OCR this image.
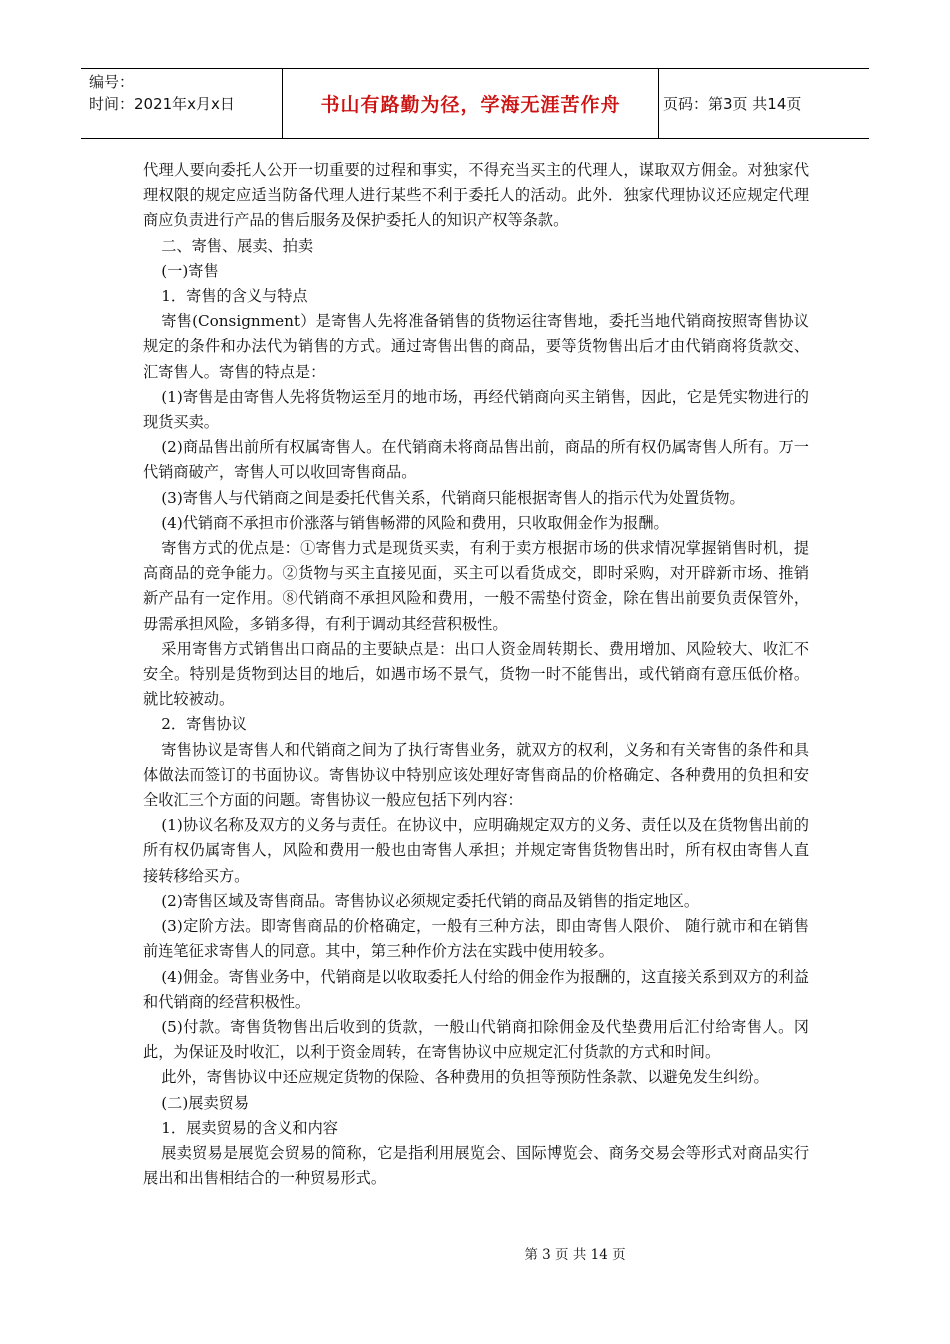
编号：
时间：2021年x月x日	书山有路勤为径，学海无涯苦作舟	页码：第3页 共14页

代理人要向委托人公开一切重要的过程和事实，不得充当买主的代理人，谋取双方佣金。对独家代理权限的规定应适当防备代理人进行某些不利于委托人的活动。此外．独家代理协议还应规定代理商应负责进行产品的售后服务及保护委托人的知识产权等条款。

二、寄售、展卖、拍卖

(一)寄售

1．寄售的含义与特点

寄售(Consignment）是寄售人先将准备销售的货物运往寄售地，委托当地代销商按照寄售协议规定的条件和办法代为销售的方式。通过寄售出售的商品，要等货物售出后才由代销商将货款交、汇寄售人。寄售的特点是：

(1)寄售是由寄售人先将货物运至月的地市场，再经代销商向买主销售，因此，它是凭实物进行的现货买卖。

(2)商品售出前所有权属寄售人。在代销商未将商品售出前，商品的所有权仍属寄售人所有。万一代销商破产，寄售人可以收回寄售商品。

(3)寄售人与代销商之间是委托代售关系，代销商只能根据寄售人的指示代为处置货物。

(4)代销商不承担市价涨落与销售畅滞的风险和费用，只收取佣金作为报酬。

寄售方式的优点是：①寄售力式是现货买卖，有利于卖方根据市场的供求情况掌握销售时机，提高商品的竞争能力。②货物与买主直接见面，买主可以看货成交，即时采购，对开辟新市场、推销新产品有一定作用。⑧代销商不承担风险和费用，一般不需垫付资金，除在售出前要负责保管外，毋需承担风险，多销多得，有利于调动其经营积极性。

采用寄售方式销售出口商品的主要缺点是：出口人资金周转期长、费用增加、风险较大、收汇不安全。特别是货物到达目的地后，如遇市场不景气，货物一时不能售出，或代销商有意压低价格。就比较被动。

2．寄售协议

寄售协议是寄售人和代销商之间为了执行寄售业务，就双方的权利，义务和有关寄售的条件和具体做法而签订的书面协议。寄售协议中特别应该处理好寄售商品的价格确定、各种费用的负担和安全收汇三个方面的问题。寄售协议一般应包括下列内容：

(1)协议名称及双方的义务与责任。在协议中，应明确规定双方的义务、责任以及在货物售出前的所有权仍属寄售人，风险和费用一般也由寄售人承担；并规定寄售货物售出时，所有权由寄售人直接转移给买方。

(2)寄售区域及寄售商品。寄售协议必须规定委托代销的商品及销售的指定地区。

(3)定阶方法。即寄售商品的价格确定，一般有三种方法，即由寄售人限价、 随行就市和在销售前连笔征求寄售人的同意。其中，第三种作价方法在实践中使用较多。

(4)佣金。寄售业务中，代销商是以收取委托人付给的佣金作为报酬的，这直接关系到双方的利益和代销商的经营积极性。

(5)付款。寄售货物售出后收到的货款，一般山代销商扣除佣金及代垫费用后汇付给寄售人。冈此，为保证及时收汇，以利于资金周转，在寄售协议中应规定汇付货款的方式和时间。

此外，寄售协议中还应规定货物的保险、各种费用的负担等预防性条款、以避免发生纠纷。

(二)展卖贸易

1．展卖贸易的含义和内容

展卖贸易是展览会贸易的简称，它是指利用展览会、国际博览会、商务交易会等形式对商品实行展出和出售相结合的一种贸易形式。

第 3 页 共 14 页
